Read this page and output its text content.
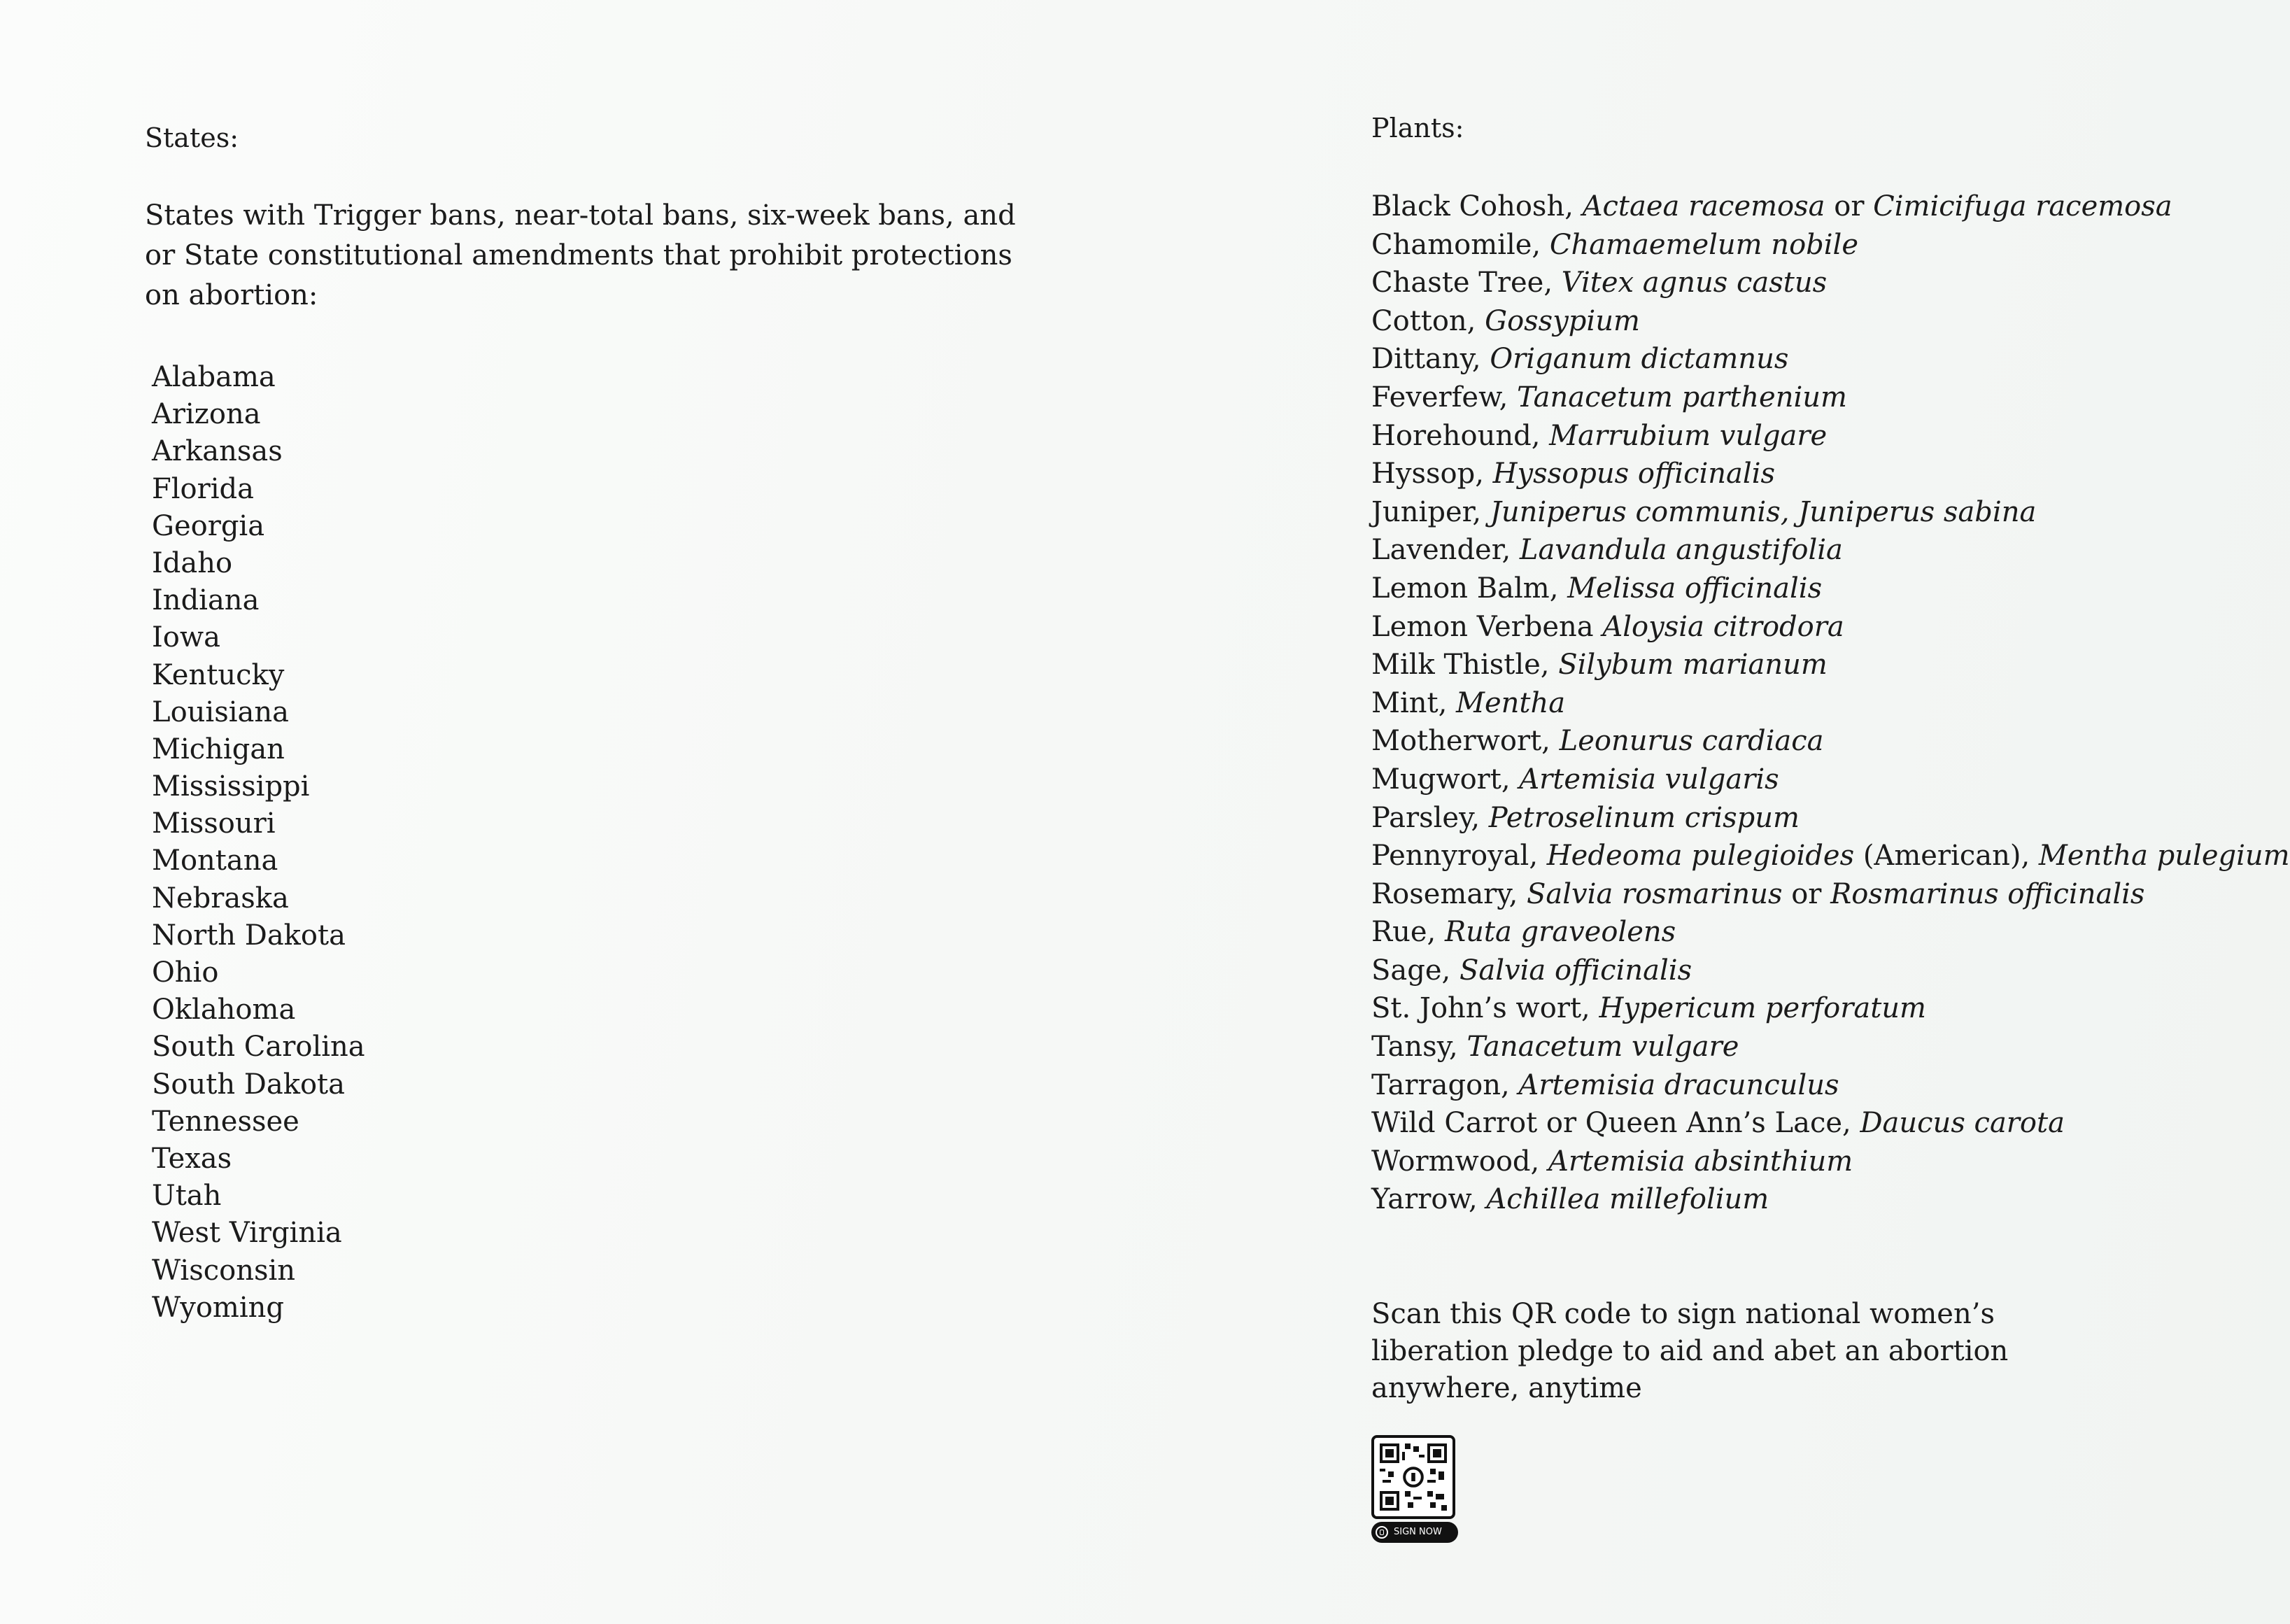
States:

States with Trigger bans, near-total bans, six-week bans, and or State constitutional amendments that prohibit protections on abortion:

Alabama
Arizona
Arkansas
Florida
Georgia
Idaho
Indiana
Iowa
Kentucky
Louisiana
Michigan
Mississippi
Missouri
Montana
Nebraska
North Dakota
Ohio
Oklahoma
South Carolina
South Dakota
Tennessee
Texas
Utah
West Virginia
Wisconsin
Wyoming
Plants:
Black Cohosh, Actaea racemosa or Cimicifuga racemosa
Chamomile, Chamaemelum nobile
Chaste Tree, Vitex agnus castus
Cotton, Gossypium
Dittany, Origanum dictamnus
Feverfew, Tanacetum parthenium
Horehound, Marrubium vulgare
Hyssop, Hyssopus officinalis
Juniper, Juniperus communis, Juniperus sabina
Lavender, Lavandula angustifolia
Lemon Balm, Melissa officinalis
Lemon Verbena Aloysia citrodora
Milk Thistle, Silybum marianum
Mint, Mentha
Motherwort, Leonurus cardiaca
Mugwort, Artemisia vulgaris
Parsley, Petroselinum crispum
Pennyroyal, Hedeoma pulegioides (American), Mentha pulegium
Rosemary, Salvia rosmarinus or Rosmarinus officinalis
Rue, Ruta graveolens
Sage, Salvia officinalis
St. John’s wort, Hypericum perforatum
Tansy, Tanacetum vulgare
Tarragon, Artemisia dracunculus
Wild Carrot or Queen Ann’s Lace, Daucus carota
Wormwood, Artemisia absinthium
Yarrow, Achillea millefolium

Scan this QR code to sign national women’s liberation pledge to aid and abet an abortion anywhere, anytime

SIGN NOW
